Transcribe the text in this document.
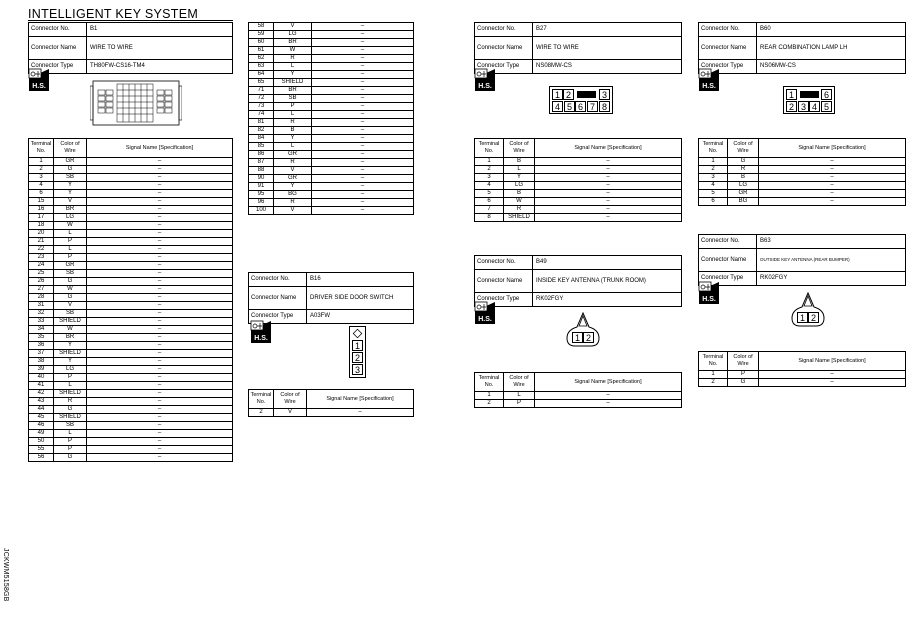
INTELLIGENT KEY SYSTEM
JCKWM5158GB
Connector No.	B1
Connector Name	WIRE TO WIRE
Connector Type	TH80FW-CS16-TM4
H.S.
Terminal No.	Color of Wire	Signal Name [Specification]
1	GR	–
2	G	–
3	SB	–
4	Y	–
6	Y	–
15	V	–
16	BR	–
17	LG	–
18	W	–
20	L	–
21	P	–
22	L	–
23	P	–
24	GR	–
25	SB	–
26	G	–
27	W	–
28	G	–
31	V	–
32	SB	–
33	SHIELD	–
34	W	–
35	BR	–
36	Y	–
37	SHIELD	–
38	Y	–
39	LG	–
40	P	–
41	L	–
42	SHIELD	–
43	R	–
44	G	–
45	SHIELD	–
46	SB	–
49	L	–
50	P	–
55	P	–
56	G	–
58	V	–
59	LG	–
60	BR	–
61	W	–
62	R	–
63	L	–
64	Y	–
65	SHIELD	–
71	BR	–
72	SB	–
73	P	–
74	L	–
81	R	–
82	B	–
84	Y	–
85	L	–
86	GR	–
87	R	–
88	V	–
90	GR	–
91	Y	–
95	BG	–
96	R	–
100	V	–
Connector No.	B16
Connector Name	DRIVER SIDE DOOR SWITCH
Connector Type	A03FW
H.S.
1
2
3
Terminal No.	Color of Wire	Signal Name [Specification]
2	V	–
Connector No.	B27
Connector Name	WIRE TO WIRE
Connector Type	NS08MW-CS
H.S.
1 2	3
4 5 6 7 8
Terminal No.	Color of Wire	Signal Name [Specification]
1	B	–
2	L	–
3	Y	–
4	LG	–
5	B	–
6	W	–
7	R	–
8	SHIELD	–
Connector No.	B49
Connector Name	INSIDE KEY ANTENNA (TRUNK ROOM)
Connector Type	RK02FGY
H.S.
1 2
Terminal No.	Color of Wire	Signal Name [Specification]
1	L	–
2	P	–
Connector No.	B60
Connector Name	REAR COMBINATION LAMP LH
Connector Type	NS06MW-CS
H.S.
1	6
2 3 4 5
Terminal No.	Color of Wire	Signal Name [Specification]
1	G	–
2	R	–
3	B	–
4	LG	–
5	GR	–
6	BG	–
Connector No.	B63
Connector Name	OUTSIDE KEY ANTENNA (REAR BUMPER)
Connector Type	RK02FGY
H.S.
1 2
Terminal No.	Color of Wire	Signal Name [Specification]
1	P	–
2	G	–
